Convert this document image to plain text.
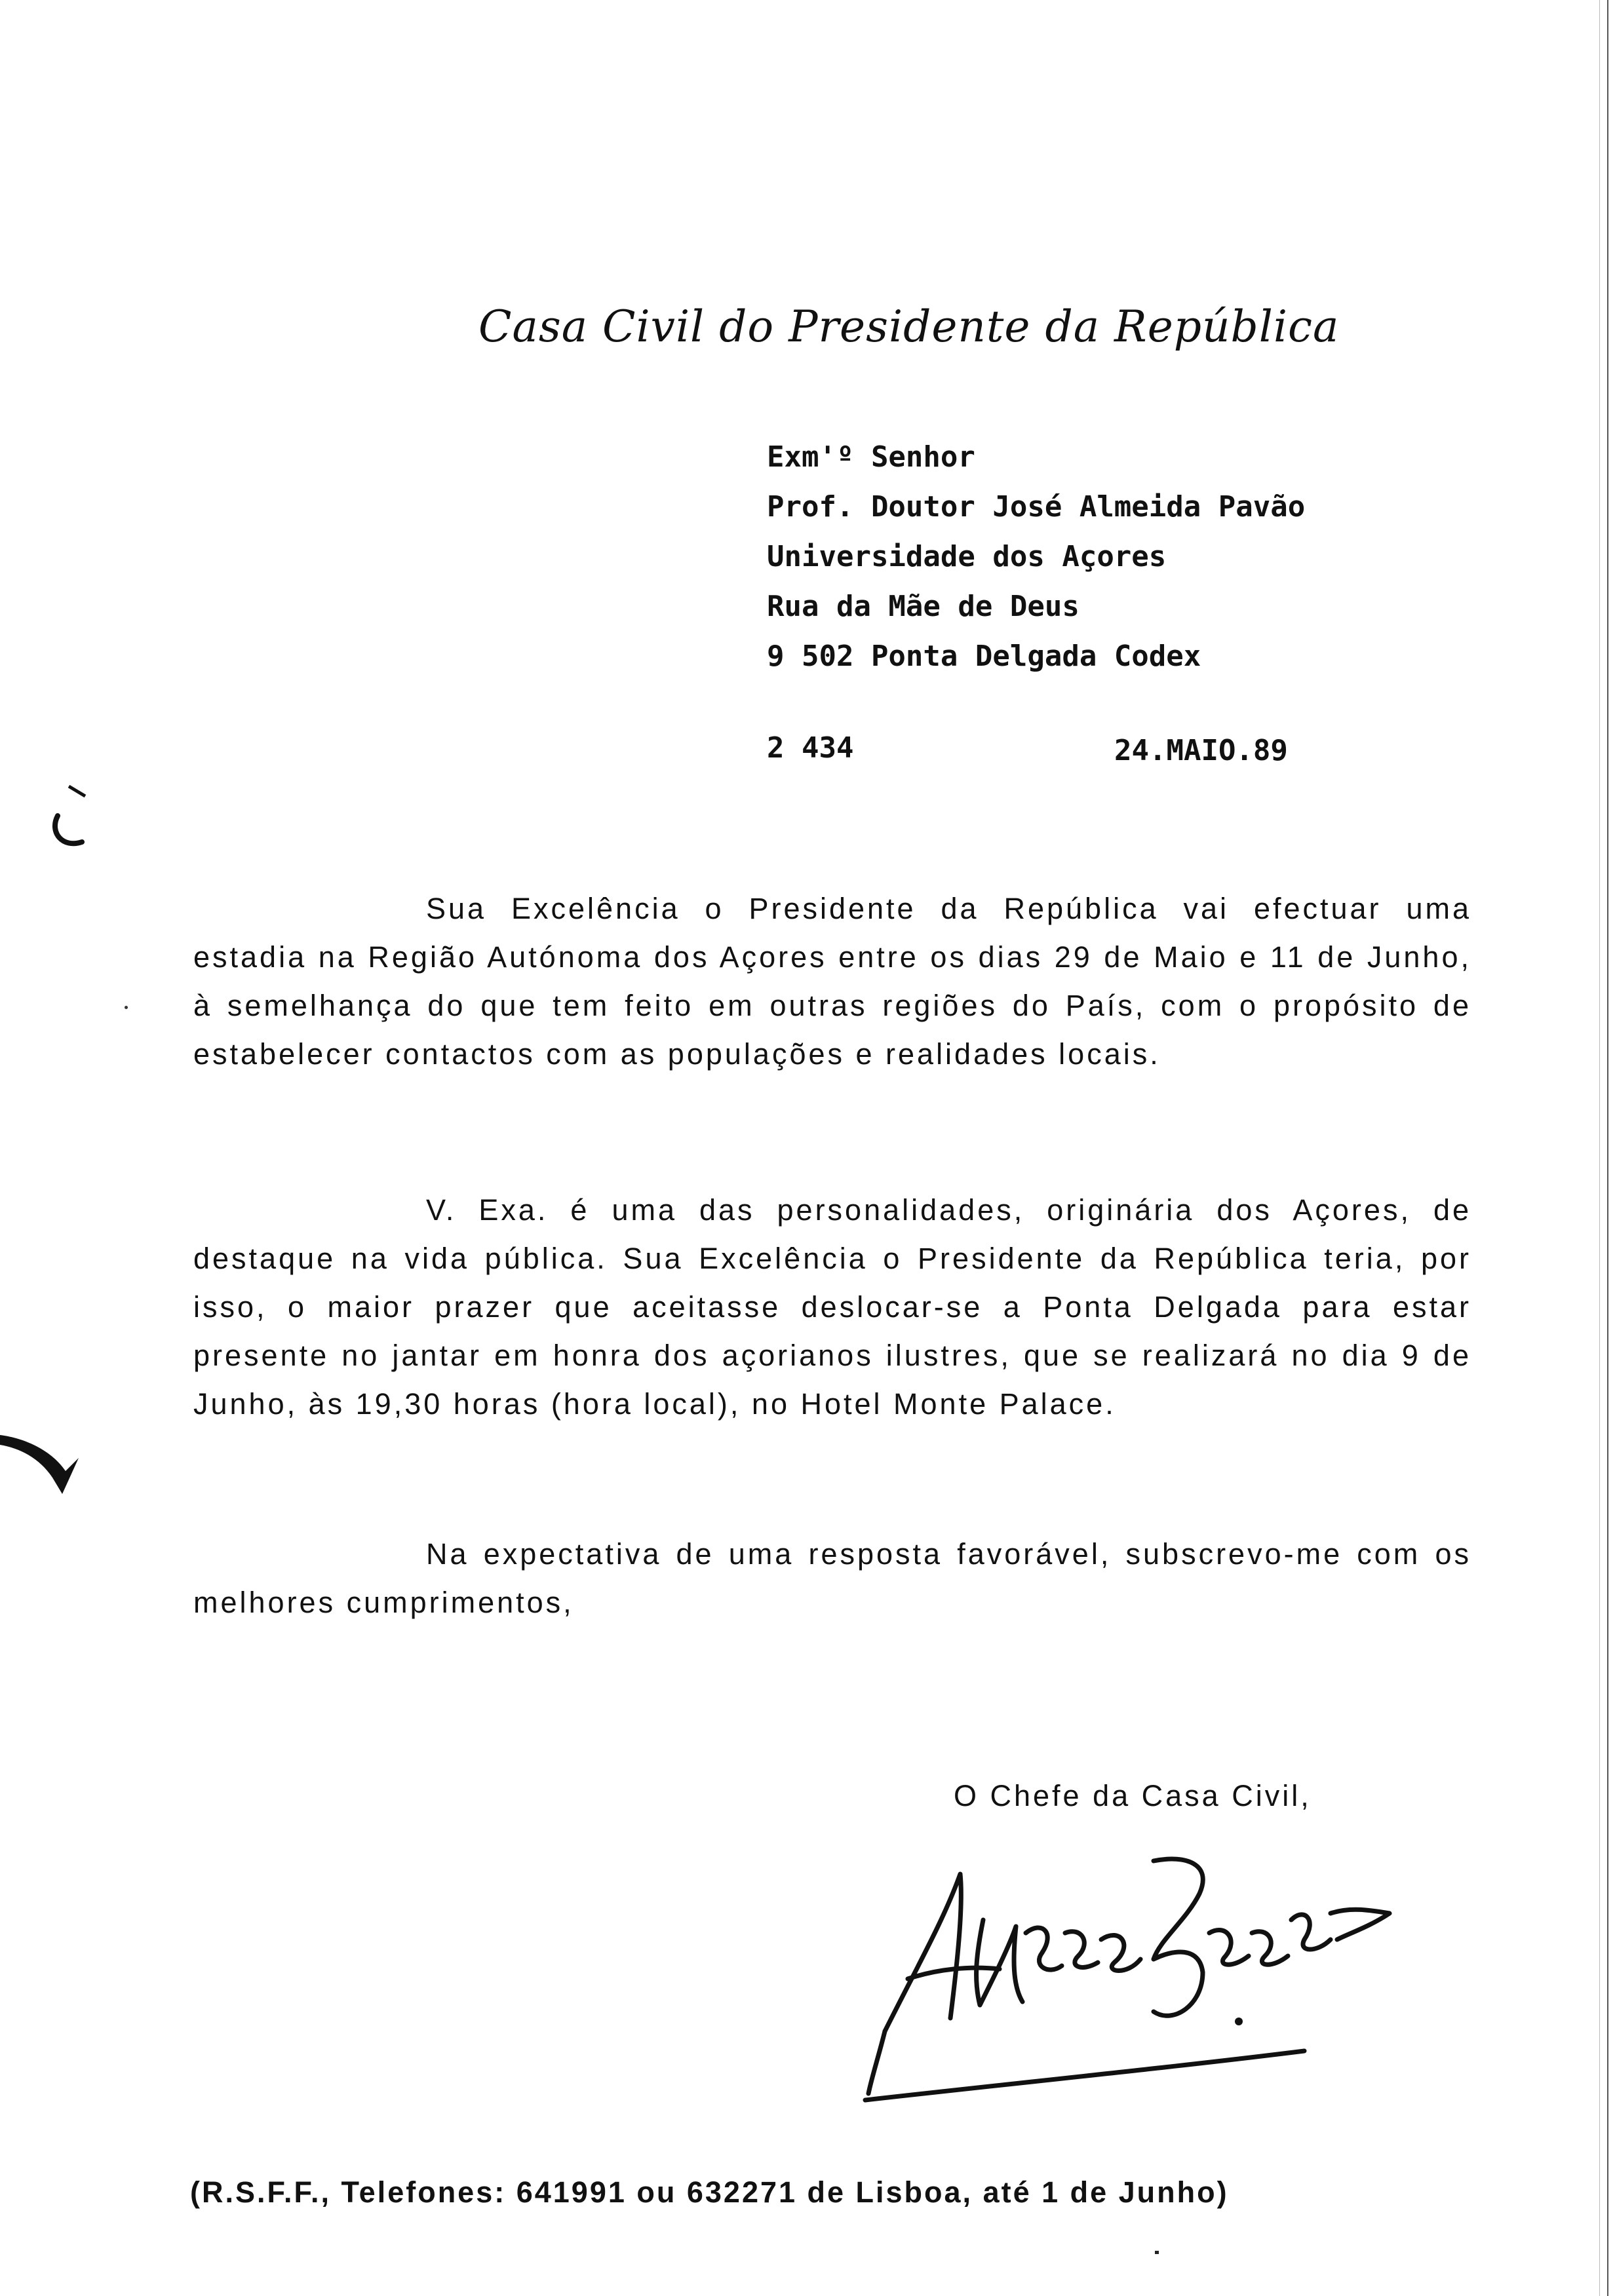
Casa Civil do Presidente da República
Exm'º Senhor
Prof. Doutor José Almeida Pavão
Universidade dos Açores
Rua da Mãe de Deus
9 502 Ponta Delgada Codex
2 434	24.MAIO.89
Sua Excelência o Presidente da República vai efectuar uma estadia na Região Autónoma dos Açores entre os dias 29 de Maio e 11 de Junho, à semelhança do que tem feito em outras regiões do País, com o propósito de estabelecer contactos com as populações e realidades locais.
V. Exa. é uma das personalidades, originária dos Açores, de destaque na vida pública. Sua Excelência o Presidente da República teria, por isso, o maior prazer que aceitasse deslocar-se a Ponta Delgada para estar presente no jantar em honra dos açorianos ilustres, que se realizará no dia 9 de Junho, às 19,30 horas (hora local), no Hotel Monte Palace.
Na expectativa de uma resposta favorável, subscrevo-me com os melhores cumprimentos,
O Chefe da Casa Civil,
(R.S.F.F., Telefones: 641991 ou 632271 de Lisboa, até 1 de Junho)
